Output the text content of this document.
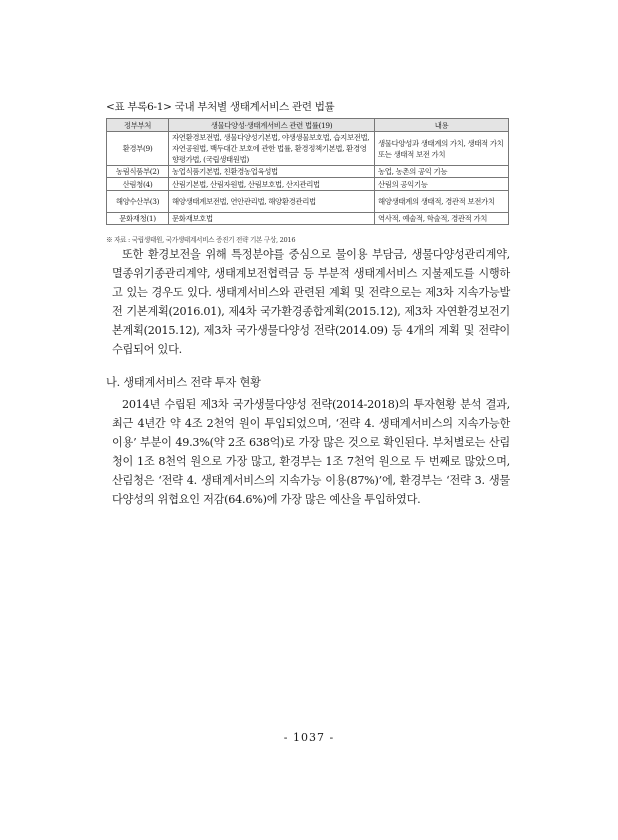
<표 부록6-1> 국내 부처별 생태계서비스 관련 법률
정부부처	생물다양성·생태계서비스 관련 법률(19)	내용
환경부(9)	자연환경보전법, 생물다양성기본법, 야생생물보호법, 습지보전법, 자연공원법, 백두대간 보호에 관한 법률, 환경정책기본법, 환경영향평가법, (국립생태원법)	생물다양성과 생태계의 가치, 생태적 가치 또는 생태적 보전 가치
농림식품부(2)	농업식품기본법, 친환경농업육성법	농업, 농촌의 공익 기능
산림청(4)	산림기본법, 산림자원법, 산림보호법, 산지관리법	산림의 공익기능
해양수산부(3)	해양생태계보전법, 연안관리법, 해양환경관리법	해양생태계의 생태적, 경관적 보전가치
문화재청(1)	문화재보호법	역사적, 예술적, 학술적, 경관적 가치
※ 자료 : 국립생태원, 국가생태계서비스 증진기 전략 기본 구상, 2016

또한 환경보전을 위해 특정분야를 중심으로 물이용 부담금, 생물다양성관리계약, 멸종위기종관리계약, 생태계보전협력금 등 부분적 생태계서비스 지불제도를 시행하고 있는 경우도 있다. 생태계서비스와 관련된 계획 및 전략으로는 제3차 지속가능발전 기본계획(2016.01), 제4차 국가환경종합계획(2015.12), 제3차 자연환경보전기본계획(2015.12), 제3차 국가생물다양성 전략(2014.09) 등 4개의 계획 및 전략이 수립되어 있다.

나. 생태계서비스 전략 투자 현황

2014년 수립된 제3차 국가생물다양성 전략(2014-2018)의 투자현황 분석 결과, 최근 4년간 약 4조 2천억 원이 투입되었으며, ‘전략 4. 생태계서비스의 지속가능한 이용’ 부분이 49.3%(약 2조 638억)로 가장 많은 것으로 확인된다. 부처별로는 산림청이 1조 8천억 원으로 가장 많고, 환경부는 1조 7천억 원으로 두 번째로 많았으며, 산림청은 ‘전략 4. 생태계서비스의 지속가능 이용(87%)’에, 환경부는 ‘전략 3. 생물다양성의 위협요인 저감(64.6%)에 가장 많은 예산을 투입하였다.

- 1037 -
